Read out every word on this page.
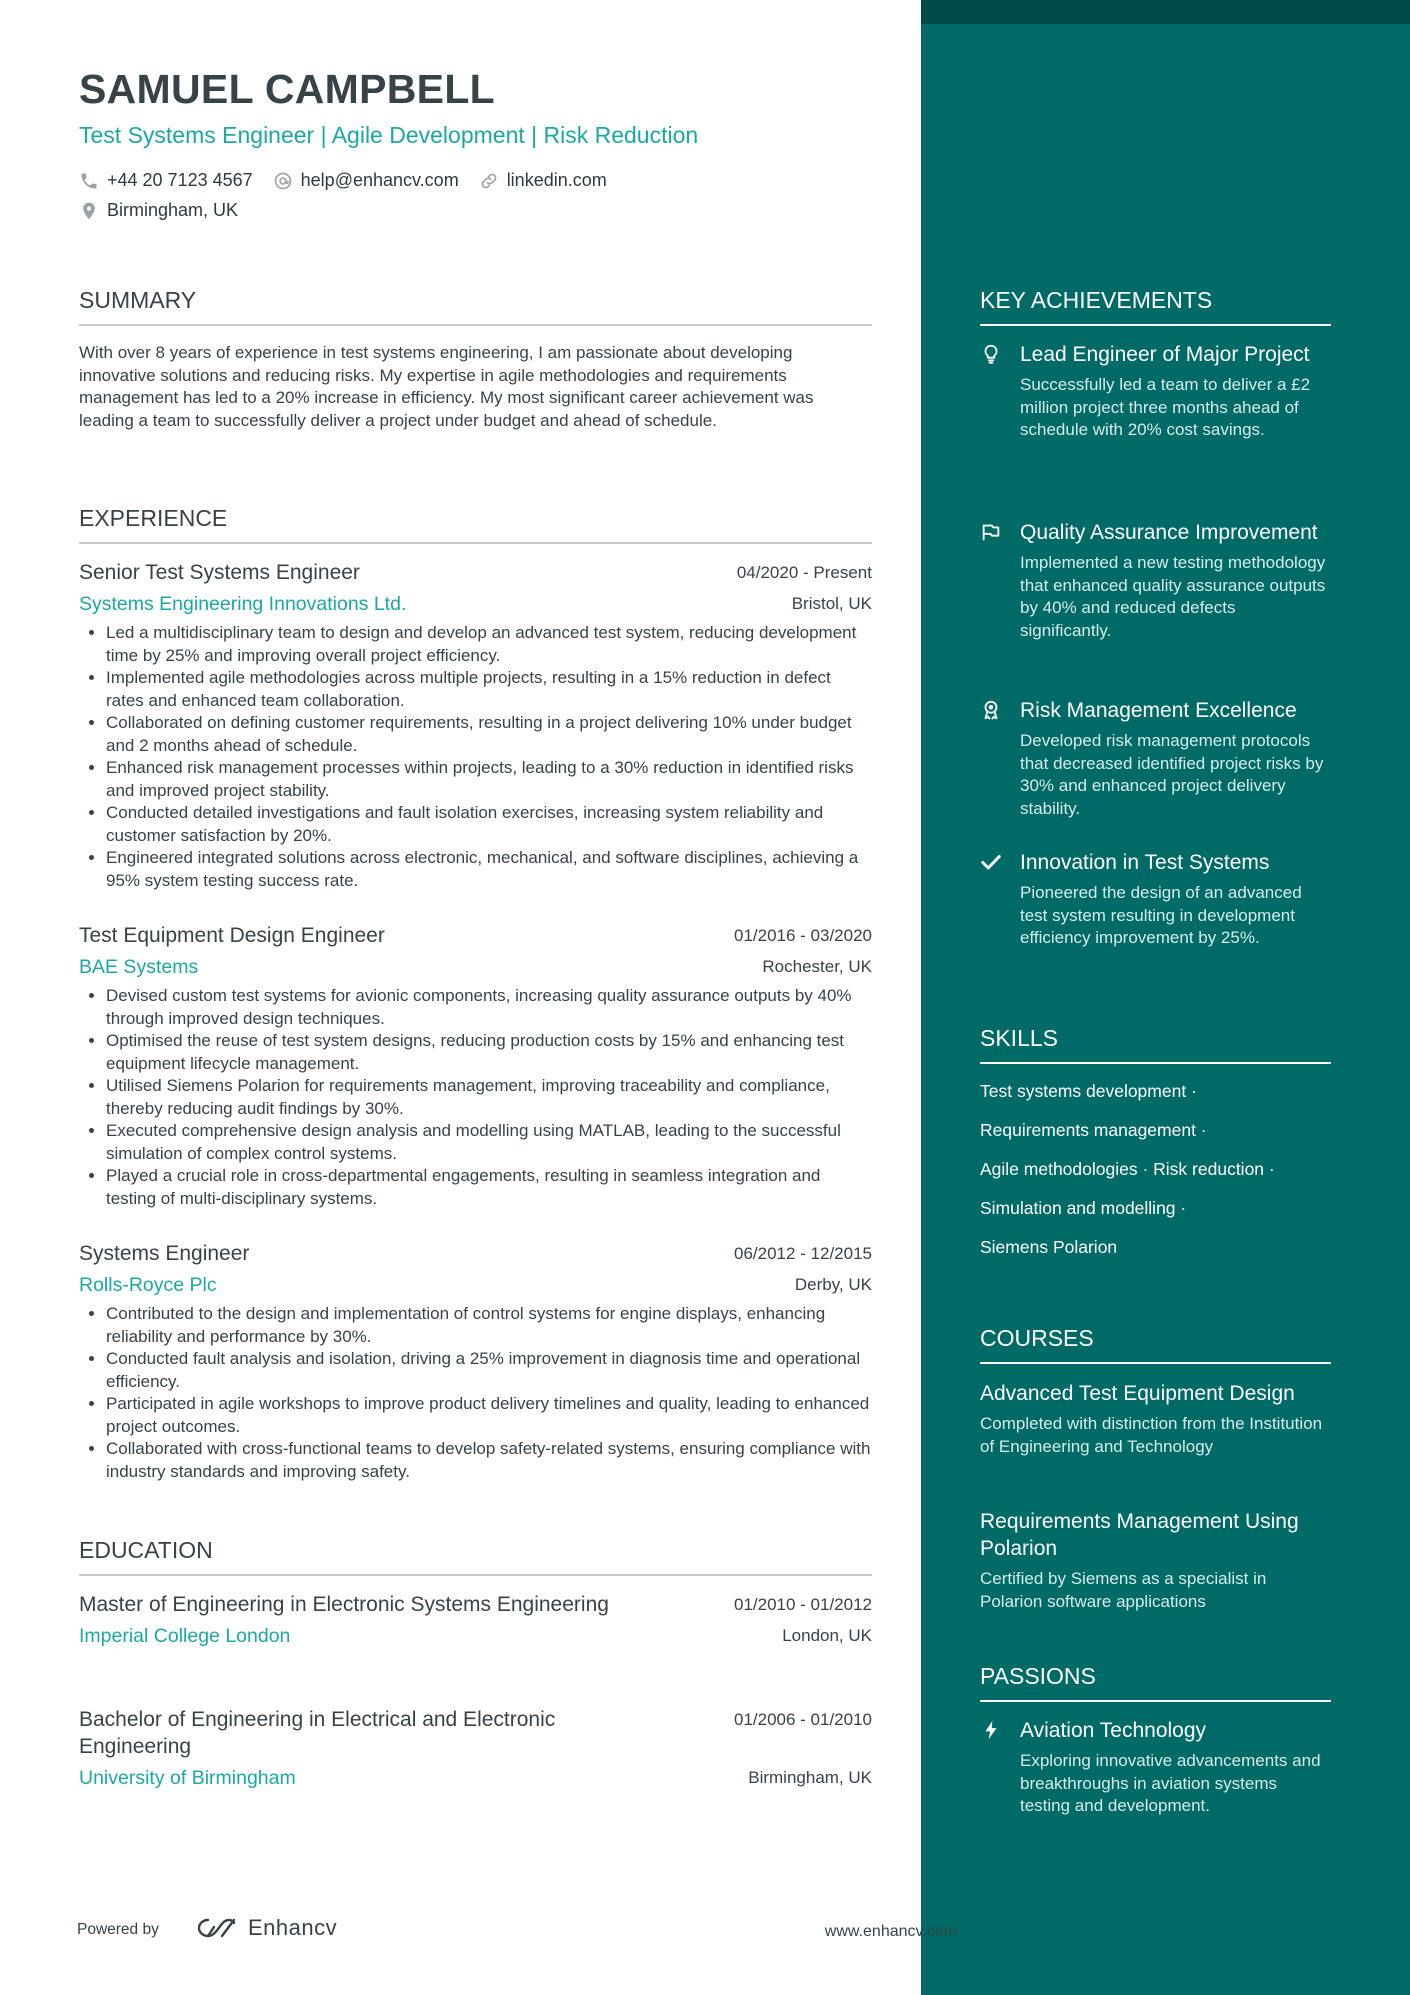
SAMUEL CAMPBELL
Test Systems Engineer | Agile Development | Risk Reduction
+44 20 7123 4567	help@enhancv.com	linkedin.com
Birmingham, UK
SUMMARY
With over 8 years of experience in test systems engineering, I am passionate about developing innovative solutions and reducing risks. My expertise in agile methodologies and requirements management has led to a 20% increase in efficiency. My most significant career achievement was leading a team to successfully deliver a project under budget and ahead of schedule.
EXPERIENCE
Senior Test Systems Engineer	04/2020 - Present
Systems Engineering Innovations Ltd.	Bristol, UK
• Led a multidisciplinary team to design and develop an advanced test system, reducing development time by 25% and improving overall project efficiency.
• Implemented agile methodologies across multiple projects, resulting in a 15% reduction in defect rates and enhanced team collaboration.
• Collaborated on defining customer requirements, resulting in a project delivering 10% under budget and 2 months ahead of schedule.
• Enhanced risk management processes within projects, leading to a 30% reduction in identified risks and improved project stability.
• Conducted detailed investigations and fault isolation exercises, increasing system reliability and customer satisfaction by 20%.
• Engineered integrated solutions across electronic, mechanical, and software disciplines, achieving a 95% system testing success rate.
Test Equipment Design Engineer	01/2016 - 03/2020
BAE Systems	Rochester, UK
• Devised custom test systems for avionic components, increasing quality assurance outputs by 40% through improved design techniques.
• Optimised the reuse of test system designs, reducing production costs by 15% and enhancing test equipment lifecycle management.
• Utilised Siemens Polarion for requirements management, improving traceability and compliance, thereby reducing audit findings by 30%.
• Executed comprehensive design analysis and modelling using MATLAB, leading to the successful simulation of complex control systems.
• Played a crucial role in cross-departmental engagements, resulting in seamless integration and testing of multi-disciplinary systems.
Systems Engineer	06/2012 - 12/2015
Rolls-Royce Plc	Derby, UK
• Contributed to the design and implementation of control systems for engine displays, enhancing reliability and performance by 30%.
• Conducted fault analysis and isolation, driving a 25% improvement in diagnosis time and operational efficiency.
• Participated in agile workshops to improve product delivery timelines and quality, leading to enhanced project outcomes.
• Collaborated with cross-functional teams to develop safety-related systems, ensuring compliance with industry standards and improving safety.
EDUCATION
Master of Engineering in Electronic Systems Engineering	01/2010 - 01/2012
Imperial College London	London, UK
Bachelor of Engineering in Electrical and Electronic Engineering
01/2006 - 01/2010
University of Birmingham	Birmingham, UK
Powered by	Enhancv	www.enhancv.com
KEY ACHIEVEMENTS
Lead Engineer of Major Project
Successfully led a team to deliver a £2 million project three months ahead of schedule with 20% cost savings.
Quality Assurance Improvement
Implemented a new testing methodology that enhanced quality assurance outputs by 40% and reduced defects significantly.
Risk Management Excellence
Developed risk management protocols that decreased identified project risks by 30% and enhanced project delivery stability.
Innovation in Test Systems
Pioneered the design of an advanced test system resulting in development efficiency improvement by 25%.
SKILLS
Test systems development ·
Requirements management ·
Agile methodologies · Risk reduction ·
Simulation and modelling ·
Siemens Polarion
COURSES
Advanced Test Equipment Design
Completed with distinction from the Institution of Engineering and Technology
Requirements Management Using Polarion
Certified by Siemens as a specialist in Polarion software applications
PASSIONS
Aviation Technology
Exploring innovative advancements and breakthroughs in aviation systems testing and development.
